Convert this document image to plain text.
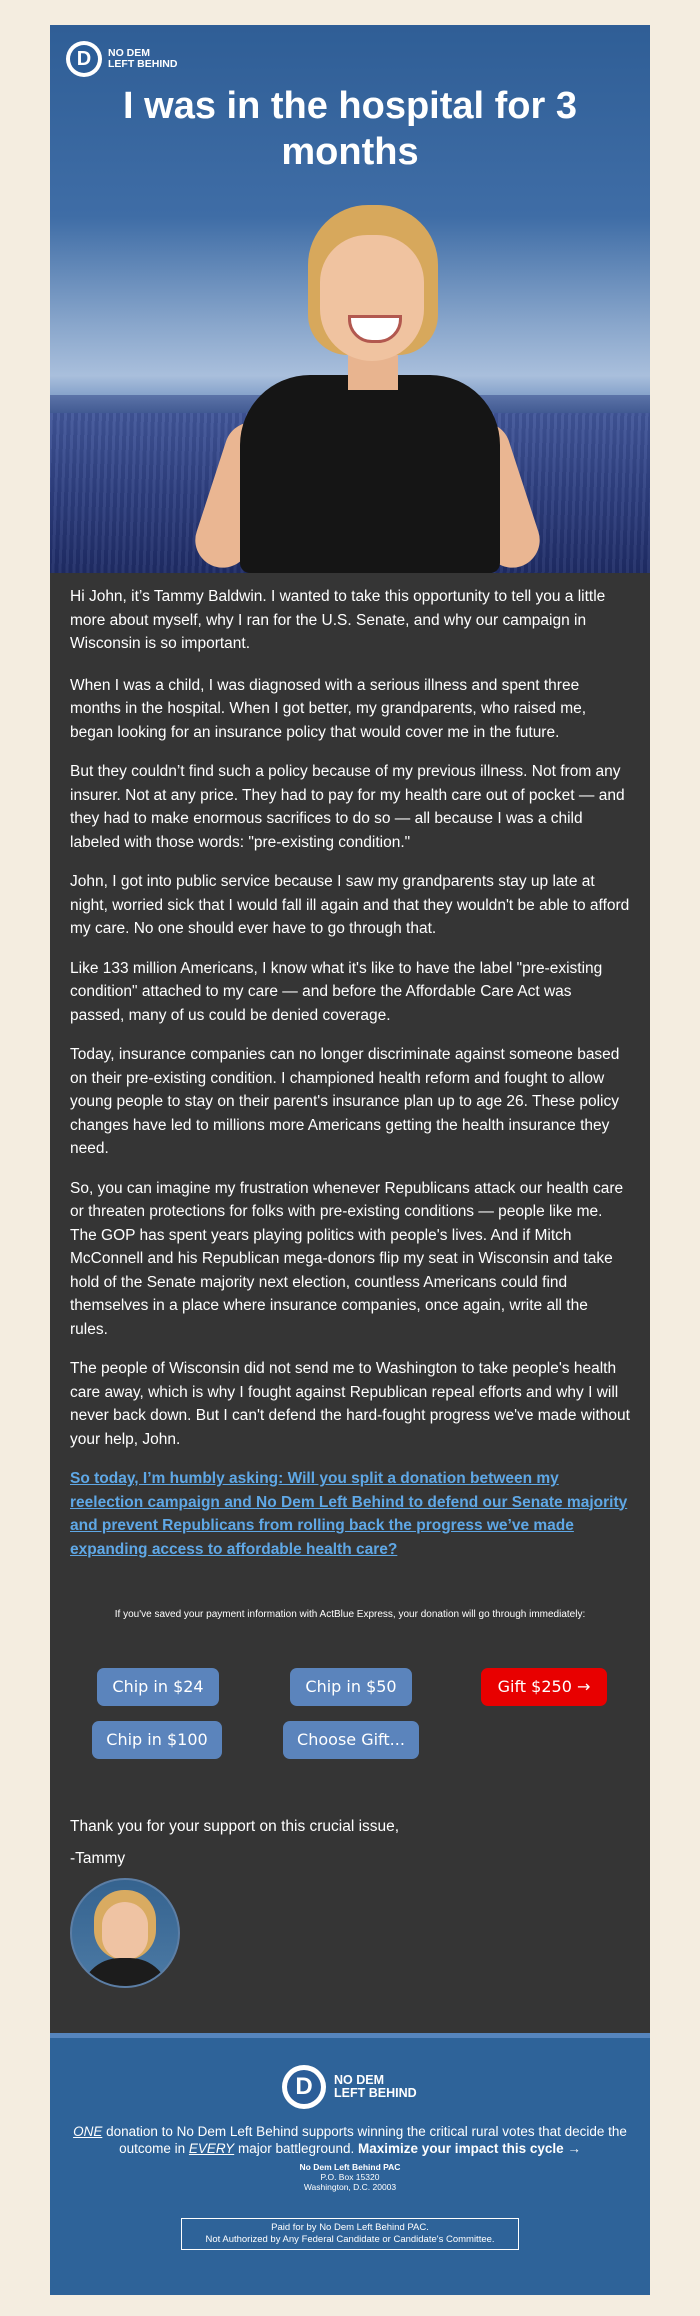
D	NO DEM
LEFT BEHIND
I was in the hospital for 3 months

Hi John, it’s Tammy Baldwin. I wanted to take this opportunity to tell you a little more about myself, why I ran for the U.S. Senate, and why our campaign in Wisconsin is so important.

When I was a child, I was diagnosed with a serious illness and spent three months in the hospital. When I got better, my grandparents, who raised me, began looking for an insurance policy that would cover me in the future.

But they couldn’t find such a policy because of my previous illness. Not from any insurer. Not at any price. They had to pay for my health care out of pocket — and they had to make enormous sacrifices to do so — all because I was a child labeled with those words: "pre-existing condition."

John, I got into public service because I saw my grandparents stay up late at night, worried sick that I would fall ill again and that they wouldn't be able to afford my care. No one should ever have to go through that.

Like 133 million Americans, I know what it's like to have the label "pre-existing condition" attached to my care — and before the Affordable Care Act was passed, many of us could be denied coverage.

Today, insurance companies can no longer discriminate against someone based on their pre-existing condition. I championed health reform and fought to allow young people to stay on their parent's insurance plan up to age 26. These policy changes have led to millions more Americans getting the health insurance they need.

So, you can imagine my frustration whenever Republicans attack our health care or threaten protections for folks with pre-existing conditions — people like me. The GOP has spent years playing politics with people's lives. And if Mitch McConnell and his Republican mega-donors flip my seat in Wisconsin and take hold of the Senate majority next election, countless Americans could find themselves in a place where insurance companies, once again, write all the rules.

The people of Wisconsin did not send me to Washington to take people's health care away, which is why I fought against Republican repeal efforts and why I will never back down. But I can't defend the hard-fought progress we've made without your help, John.

So today, I’m humbly asking: Will you split a donation between my reelection campaign and No Dem Left Behind to defend our Senate majority and prevent Republicans from rolling back the progress we’ve made expanding access to affordable health care?

If you've saved your payment information with ActBlue Express, your donation will go through immediately:
Chip in $24	Chip in $50	Gift $250 →
Chip in $100	Choose Gift...
Thank you for your support on this crucial issue,
-Tammy
D	NO DEM
LEFT BEHIND
ONE donation to No Dem Left Behind supports winning the critical rural votes that decide the outcome in EVERY major battleground. Maximize your impact this cycle →
No Dem Left Behind PAC
P.O. Box 15320
Washington, D.C. 20003
Paid for by No Dem Left Behind PAC.
Not Authorized by Any Federal Candidate or Candidate's Committee.
